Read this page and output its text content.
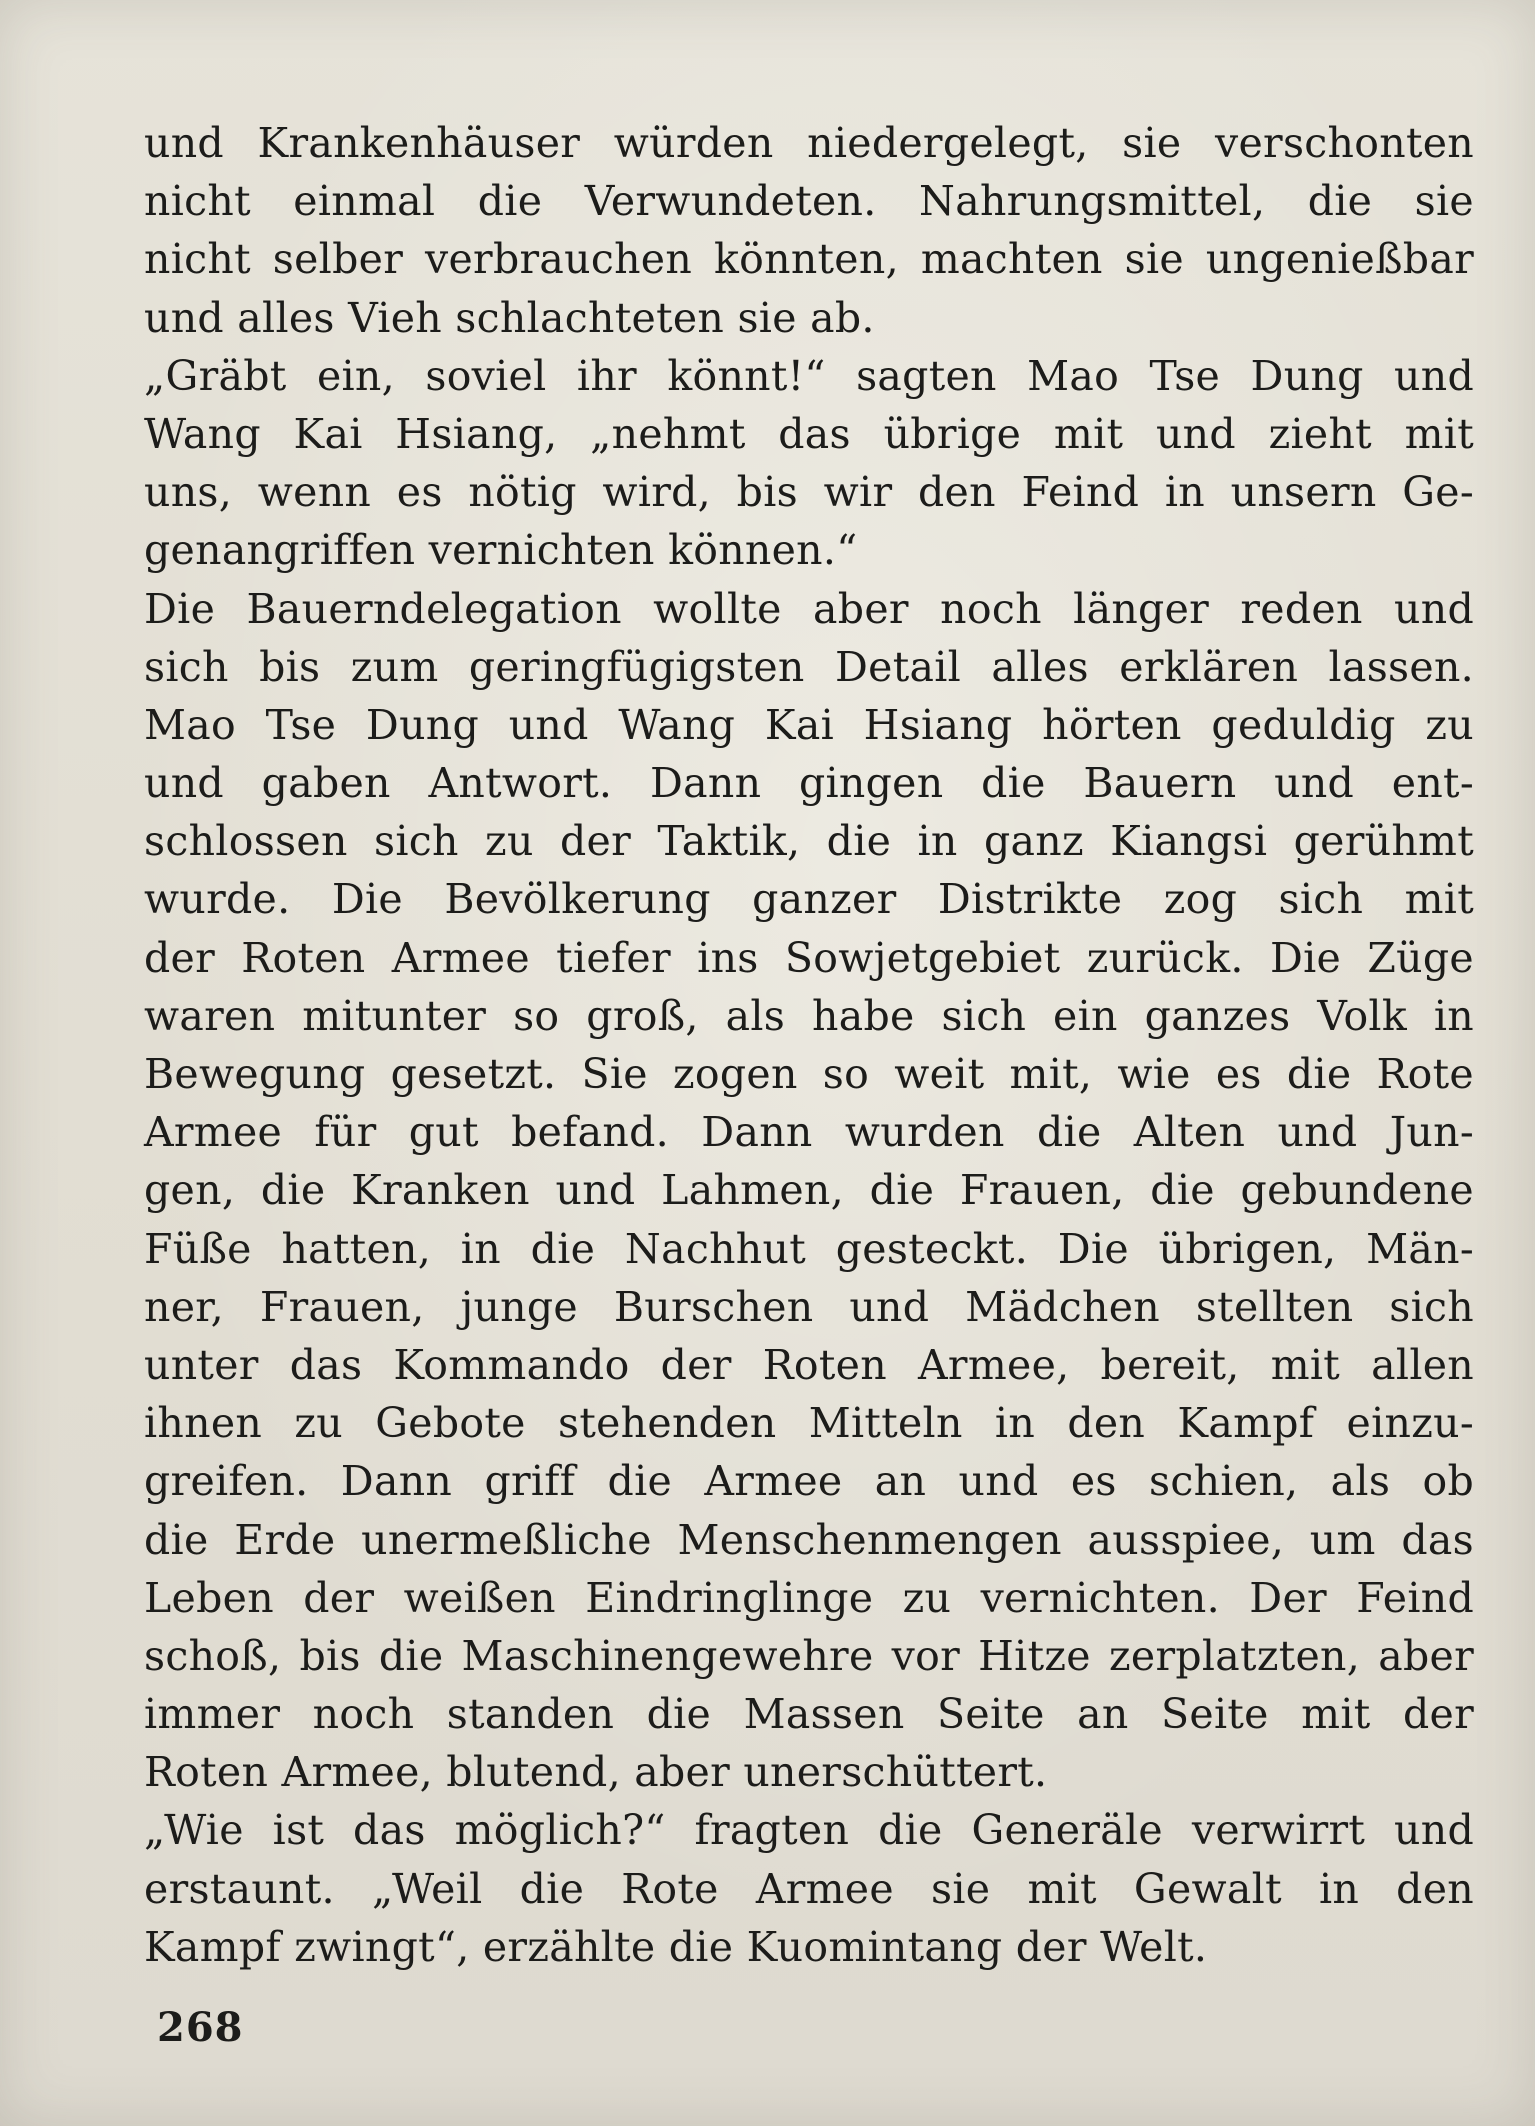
und Krankenhäuser würden niedergelegt, sie verschonten
nicht einmal die Verwundeten. Nahrungsmittel, die sie
nicht selber verbrauchen könnten, machten sie ungenießbar
und alles Vieh schlachteten sie ab.
„Gräbt ein, soviel ihr könnt!“ sagten Mao Tse Dung und
Wang Kai Hsiang, „nehmt das übrige mit und zieht mit
uns, wenn es nötig wird, bis wir den Feind in unsern Ge-
genangriffen vernichten können.“
Die Bauerndelegation wollte aber noch länger reden und
sich bis zum geringfügigsten Detail alles erklären lassen.
Mao Tse Dung und Wang Kai Hsiang hörten geduldig zu
und gaben Antwort. Dann gingen die Bauern und ent-
schlossen sich zu der Taktik, die in ganz Kiangsi gerühmt
wurde. Die Bevölkerung ganzer Distrikte zog sich mit
der Roten Armee tiefer ins Sowjetgebiet zurück. Die Züge
waren mitunter so groß, als habe sich ein ganzes Volk in
Bewegung gesetzt. Sie zogen so weit mit, wie es die Rote
Armee für gut befand. Dann wurden die Alten und Jun-
gen, die Kranken und Lahmen, die Frauen, die gebundene
Füße hatten, in die Nachhut gesteckt. Die übrigen, Män-
ner, Frauen, junge Burschen und Mädchen stellten sich
unter das Kommando der Roten Armee, bereit, mit allen
ihnen zu Gebote stehenden Mitteln in den Kampf einzu-
greifen. Dann griff die Armee an und es schien, als ob
die Erde unermeßliche Menschenmengen ausspiee, um das
Leben der weißen Eindringlinge zu vernichten. Der Feind
schoß, bis die Maschinengewehre vor Hitze zerplatzten, aber
immer noch standen die Massen Seite an Seite mit der
Roten Armee, blutend, aber unerschüttert.
„Wie ist das möglich?“ fragten die Generäle verwirrt und
erstaunt. „Weil die Rote Armee sie mit Gewalt in den
Kampf zwingt“, erzählte die Kuomintang der Welt.
268
